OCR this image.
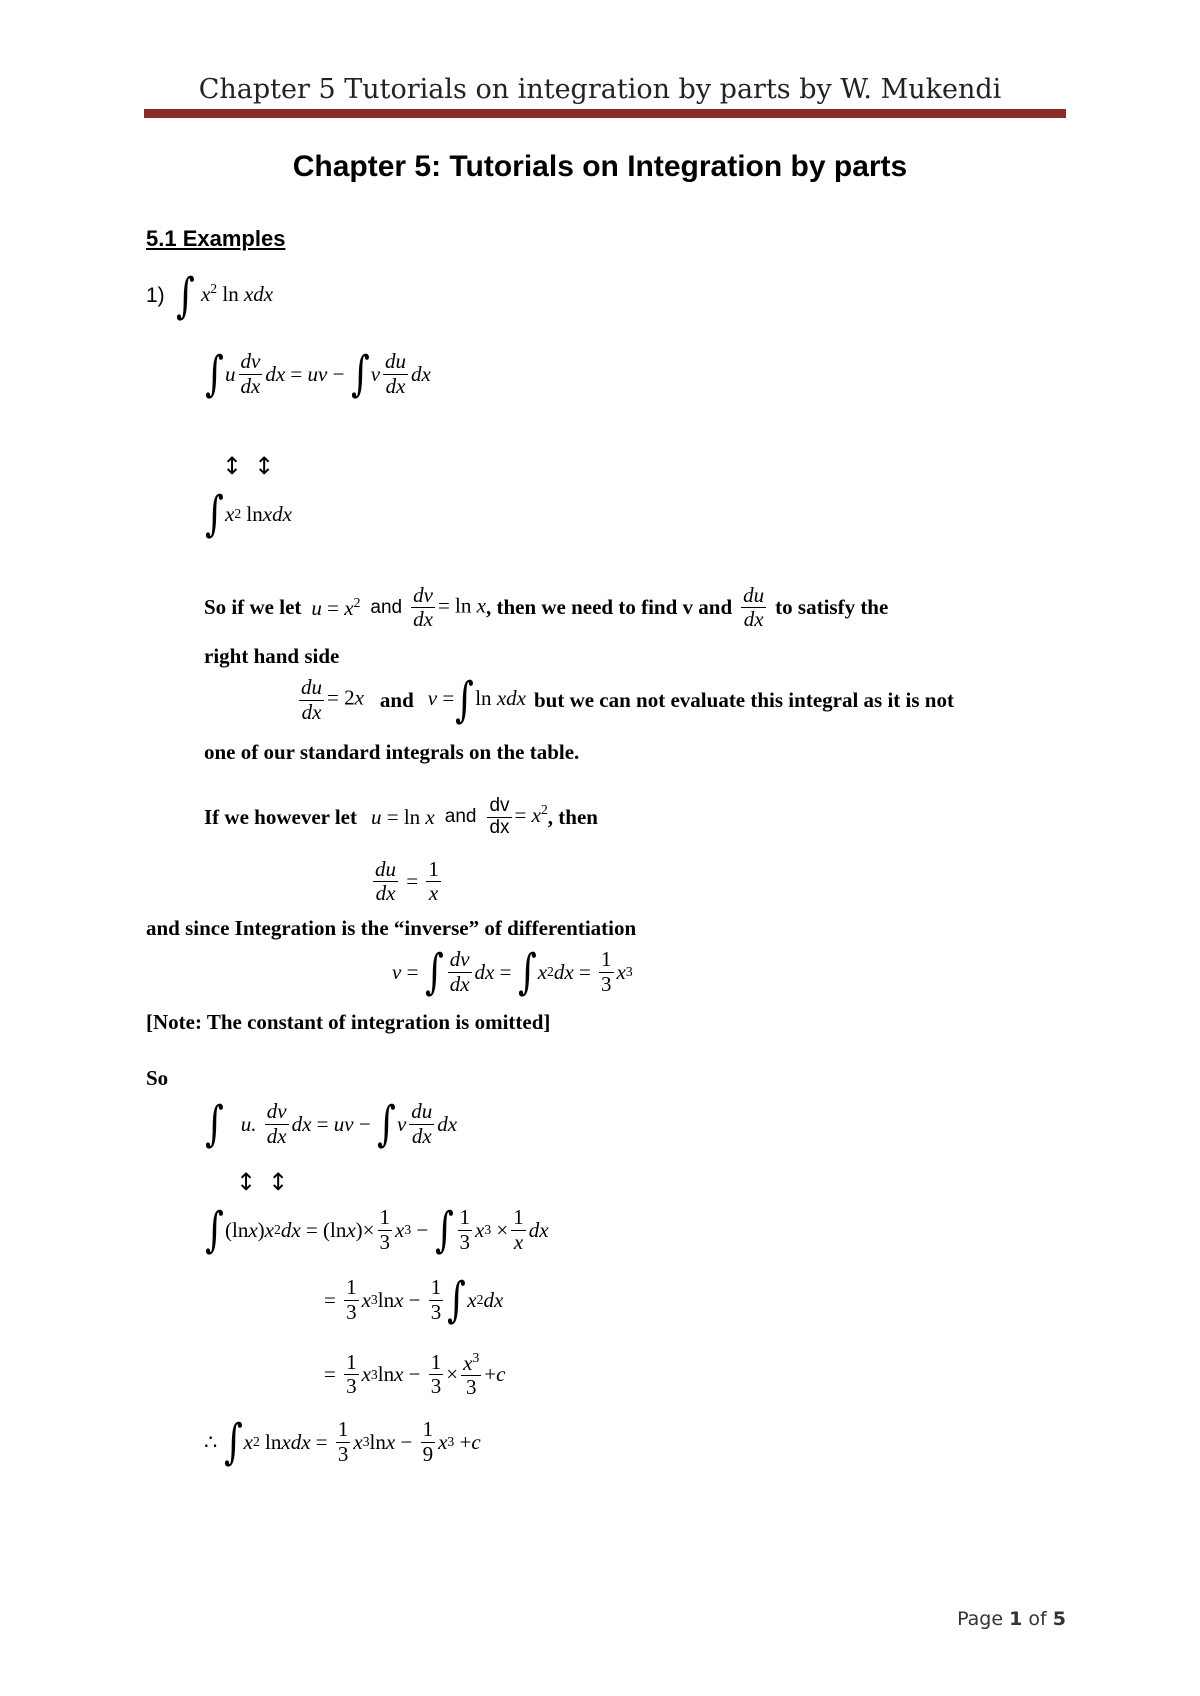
Chapter 5 Tutorials on integration by parts by W. Mukendi
Chapter 5: Tutorials on Integration by parts
5.1 Examples
1) ∫ $x^2$ ln xdx
∫ u $\frac{dv}{dx}$ dx = uv − ∫ v $\frac{du}{dx}$ dx
↕↕
∫ x 2
ln xdx
So if we let $u = x^2$ and $\frac{dv}{dx} = \ln x$ , then we need to find v and $\frac{du}{dx}$ to satisfy the
right hand side
$\frac{du}{dx} = 2x$ and v =∫ln xdx but we can not evaluate this integral as it is not
one of our standard integrals on the table.
If we however let u = ln x and $\frac{dv}{dx} = x^2$ , then
$\frac{du}{dx} = \frac{1}{x}$
and since Integration is the “inverse” of differentiation
v = ∫ $\frac{dv}{dx}$ dx = ∫ x 2 dx = $\frac{1}{3}$ x 3
[Note: The constant of integration is omitted]
So
∫ u. $\frac{dv}{dx}$ dx = uv − ∫ v $\frac{du}{dx}$ dx
↕↕
∫ (ln x ) x 2 dx = (ln x )× $\frac{1}{3}$ x 3 − ∫ $\frac{1}{3}$ x $3 \times \frac{1}{x}$ dx
= $\frac{1}{3}$ x 3 $\ln x - \frac{1}{3}$ ∫ x 2 dx
= $\frac{1}{3}$ x 3 $\ln x - \frac{1}{3} \times \frac{x^3}{3} + c$
∴ ∫ x 2
ln xdx = $\frac{1}{3}$ x 3 $\ln x - \frac{1}{9}$ x 3 + c
Page 1 of 5
